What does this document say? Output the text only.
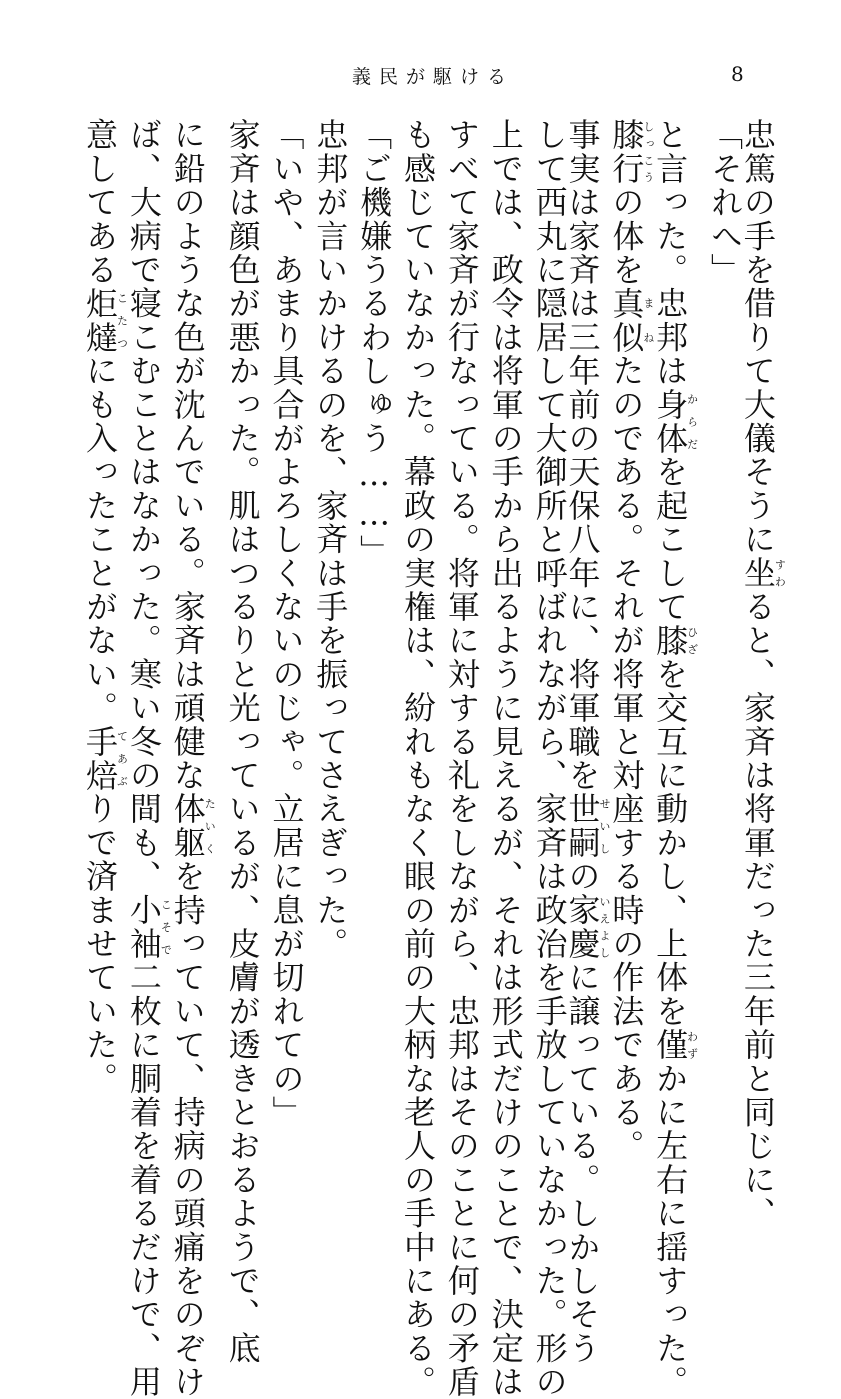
義民が駆ける	8
忠篤の手を借りて大儀そうに坐すわると、家斉は将軍だった三年前と同じに、
「それへ」
と言った。忠邦は身体からだを起こして膝ひざを交互に動かし、上体を僅わずかに左右に揺すった。
膝行しっこうの体を真似まねたのである。それが将軍と対座する時の作法である。
事実は家斉は三年前の天保八年に、将軍職を世嗣せいしの家慶いえよしに譲っている。しかしそう
して西丸に隠居して大御所と呼ばれながら、家斉は政治を手放していなかった。形の
上では、政令は将軍の手から出るように見えるが、それは形式だけのことで、決定は
すべて家斉が行なっている。将軍に対する礼をしながら、忠邦はそのことに何の矛盾
も感じていなかった。幕政の実権は、紛れもなく眼の前の大柄な老人の手中にある。
「ご機嫌うるわしゅう……」
忠邦が言いかけるのを、家斉は手を振ってさえぎった。
「いや、あまり具合がよろしくないのじゃ。立居に息が切れての」
家斉は顔色が悪かった。肌はつるりと光っているが、皮膚が透きとおるようで、底
に鉛のような色が沈んでいる。家斉は頑健な体躯たいくを持っていて、持病の頭痛をのぞけ
ば、大病で寝こむことはなかった。寒い冬の間も、小袖こそで二枚に胴着を着るだけで、用
意してある炬燵こたつにも入ったことがない。手焙てあぶりで済ませていた。
